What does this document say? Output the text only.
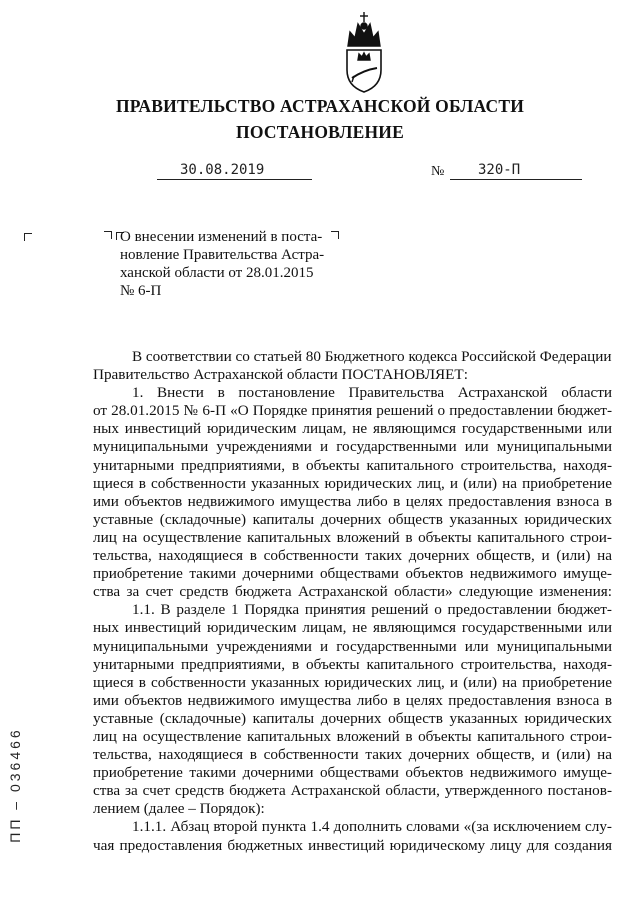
ПРАВИТЕЛЬСТВО АСТРАХАНСКОЙ ОБЛАСТИ
ПОСТАНОВЛЕНИЕ
30.08.2019	№ 320-П
О внесении изменений в поста-
новление Правительства Астра-
ханской области от 28.01.2015
№ 6-П
В соответствии со статьей 80 Бюджетного кодекса Российской Федерации
Правительство Астраханской области ПОСТАНОВЛЯЕТ:
1. Внести в постановление Правительства Астраханской области
от 28.01.2015 № 6-П «О Порядке принятия решений о предоставлении бюджет-
ных инвестиций юридическим лицам, не являющимся государственными или
муниципальными учреждениями и государственными или муниципальными
унитарными предприятиями, в объекты капитального строительства, находя-
щиеся в собственности указанных юридических лиц, и (или) на приобретение
ими объектов недвижимого имущества либо в целях предоставления взноса в
уставные (складочные) капиталы дочерних обществ указанных юридических
лиц на осуществление капитальных вложений в объекты капитального строи-
тельства, находящиеся в собственности таких дочерних обществ, и (или) на
приобретение такими дочерними обществами объектов недвижимого имуще-
ства за счет средств бюджета Астраханской области» следующие изменения:
1.1. В разделе 1 Порядка принятия решений о предоставлении бюджет-
ных инвестиций юридическим лицам, не являющимся государственными или
муниципальными учреждениями и государственными или муниципальными
унитарными предприятиями, в объекты капитального строительства, находя-
щиеся в собственности указанных юридических лиц, и (или) на приобретение
ими объектов недвижимого имущества либо в целях предоставления взноса в
уставные (складочные) капиталы дочерних обществ указанных юридических
лиц на осуществление капитальных вложений в объекты капитального строи-
тельства, находящиеся в собственности таких дочерних обществ, и (или) на
приобретение такими дочерними обществами объектов недвижимого имуще-
ства за счет средств бюджета Астраханской области, утвержденного постанов-
лением (далее – Порядок):
1.1.1. Абзац второй пункта 1.4 дополнить словами «(за исключением слу-
чая предоставления бюджетных инвестиций юридическому лицу для создания
ПП – 036466
